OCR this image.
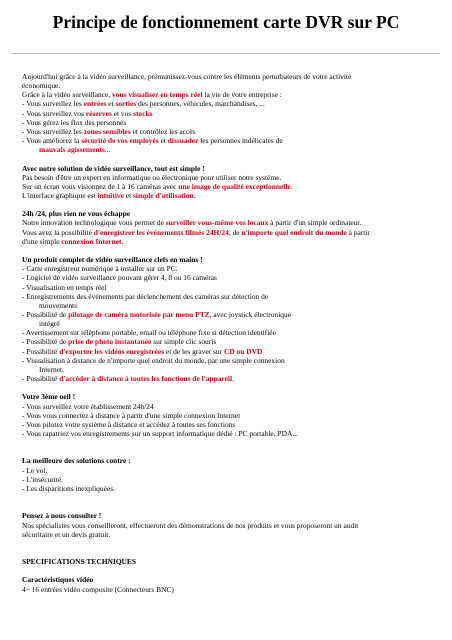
Principe de fonctionnement carte DVR sur PC
Aujourd'hui grâce à la vidéo surveillance, prémunissez-vous contre les éléments perturbateurs de votre activité
économique.
Grâce à la vidéo surveillance, vous visualisez en temps réel la vie de votre entreprise :
- Vous surveillez les entrées et sorties des personnes, véhicules, marchandises, ...
- Vous surveillez vos réserves et vos stocks
- Vous gérez les flux des personnes
- Vous surveillez les zones sensibles et contrôlez les accès
- Vous améliorez la sécurité de vos employés et dissuadez les personnes indélicates de
mauvais agissements...
Avec notre solution de vidéo surveillance, tout est simple !
Pas besoin d'être un expert en informatique ou électronique pour utiliser notre système.
Sur un écran vous visionnez de 1 à 16 caméras avec une image de qualité exceptionnelle.
L'interface graphique est intuitive et simple d'utilisation.
24h /24, plus rien ne vous échappe
Notre innovation technologique vous permet de surveiller vous-même vos locaux à partir d'un simple ordinateur.
Vous avez la possibilité d'enregistrer les événements filmés 24H/24, de n'importe quel endroit du monde à partir
d'une simple connexion Internet.
Un produit complet de vidéo surveillance clefs en mains !
- Carte enregistreur numérique à installer sur un PC.
- Logiciel de vidéo surveillance pouvant gérer 4, 8 ou 16 caméras
- Visualisation en temps réel
- Enregistrements des événements par déclenchement des caméras sur détection de
mouvements
- Possibilité de pilotage de caméra motorisée par menu PTZ, avec joystick électronique
intégré
- Avertissement sur téléphone portable, email ou téléphone fixe si détection identifiée
- Possibilité de prise de photo instantanée sur simple clic souris
- Possibilité d'exporter les vidéos enregistrées et de les graver sur CD ou DVD
- Visualisation à distance de n'importe quel endroit du monde, par une simple connexion
Internet.
- Possibilité d'accéder à distance à toutes les fonctions de l'appareil.
Votre 3ème oeil !
- Vous surveillez votre établissement 24h/24
- Vous vous connectez à distance à partir d'une simple connexion Internet
- Vous pilotez votre système à distance et accédez à toutes ses fonctions
- Vous rapatriez vos enregistrements sur un support informatique dédié : PC portable, PDA...
La meilleure des solutions contre :
- Le vol.
- L'insécurité.
- Les disparitions inexpliquées.
Pensez à nous consulter !
Nos spécialistes vous conseilleront, effectueront des démonstrations de nos produits et vous proposeront un audit
sécuritaire et un devis gratuit.
SPECIFICATIONS TECHNIQUES
Caractéristiques vidéo
4~ 16 entrées vidéo composite (Connecteurs BNC)
